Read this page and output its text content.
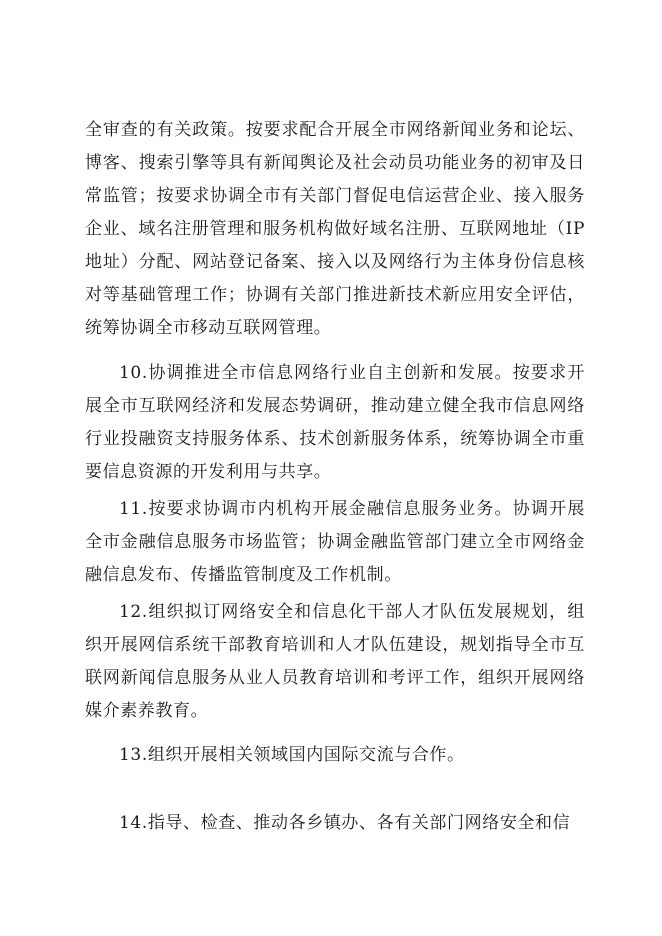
全审查的有关政策。按要求配合开展全市网络新闻业务和论坛、博客、搜索引擎等具有新闻舆论及社会动员功能业务的初审及日常监管；按要求协调全市有关部门督促电信运营企业、接入服务企业、域名注册管理和服务机构做好域名注册、互联网地址（IP地址）分配、网站登记备案、接入以及网络行为主体身份信息核对等基础管理工作；协调有关部门推进新技术新应用安全评估，统筹协调全市移动互联网管理。

10.协调推进全市信息网络行业自主创新和发展。按要求开展全市互联网经济和发展态势调研，推动建立健全我市信息网络行业投融资支持服务体系、技术创新服务体系，统筹协调全市重要信息资源的开发利用与共享。

11.按要求协调市内机构开展金融信息服务业务。协调开展全市金融信息服务市场监管；协调金融监管部门建立全市网络金融信息发布、传播监管制度及工作机制。

12.组织拟订网络安全和信息化干部人才队伍发展规划，组织开展网信系统干部教育培训和人才队伍建设，规划指导全市互联网新闻信息服务从业人员教育培训和考评工作，组织开展网络媒介素养教育。

13.组织开展相关领域国内国际交流与合作。

14.指导、检查、推动各乡镇办、各有关部门网络安全和信
